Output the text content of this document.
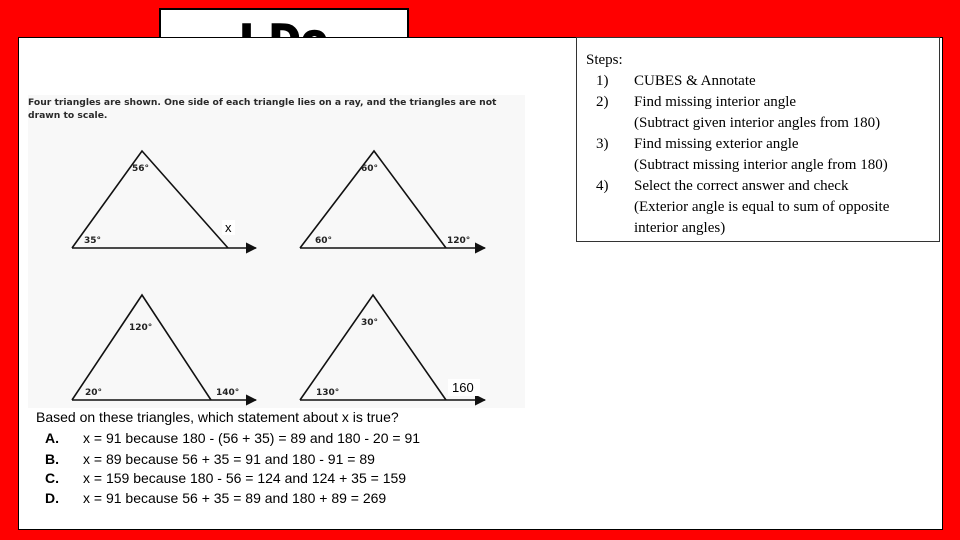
Four triangles are shown. One side of each triangle lies on a ray, and the triangles are not
drawn to scale.
56°
35°
60°
60°	120°
120°
20°	140°
30°
130°
x
160
Based on these triangles, which statement about x is true?
A.	x = 91 because 180 - (56 + 35) = 89 and 180 - 20 = 91
B.	x = 89 because 56 + 35 = 91 and 180 - 91 = 89
C.	x = 159 because 180 - 56 = 124 and 124 + 35 = 159
D.	x = 91 because 56 + 35 = 89 and 180 + 89 = 269
Steps:
1) CUBES & Annotate
2) Find missing interior angle
(Subtract given interior angles from 180)
3) Find missing exterior angle
(Subtract missing interior angle from 180)
4) Select the correct answer and check
(Exterior angle is equal to sum of opposite
interior angles)
